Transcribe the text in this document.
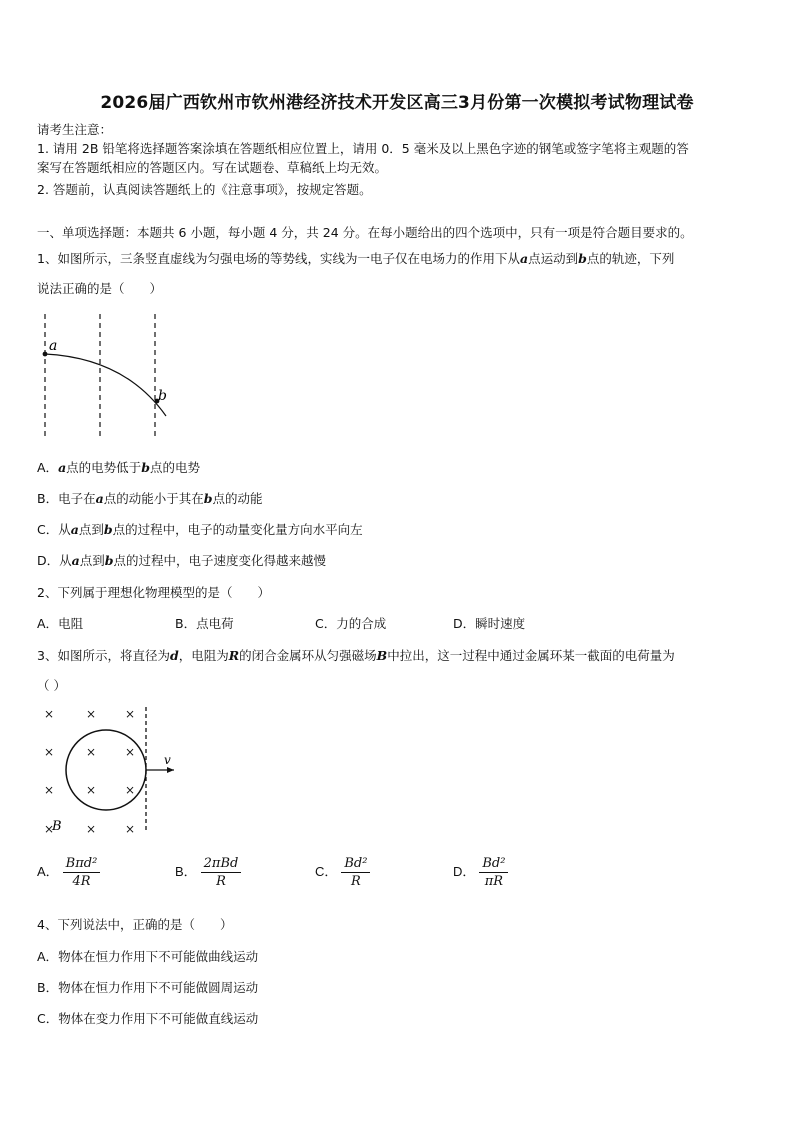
2026届广西钦州市钦州港经济技术开发区高三3月份第一次模拟考试物理试卷
请考生注意：
1. 请用 2B 铅笔将选择题答案涂填在答题纸相应位置上，请用 0．5 毫米及以上黑色字迹的钢笔或签字笔将主观题的答
案写在答题纸相应的答题区内。写在试题卷、草稿纸上均无效。
2. 答题前，认真阅读答题纸上的《注意事项》，按规定答题。
一、单项选择题：本题共 6 小题，每小题 4 分，共 24 分。在每小题给出的四个选项中，只有一项是符合题目要求的。
1、如图所示，三条竖直虚线为匀强电场的等势线，实线为一电子仅在电场力的作用下从a点运动到b点的轨迹，下列
说法正确的是（　　）
a
b
A．a点的电势低于b点的电势
B．电子在a点的动能小于其在b点的动能
C．从a点到b点的过程中，电子的动量变化量方向水平向左
D．从a点到b点的过程中，电子速度变化得越来越慢
2、下列属于理想化物理模型的是（　　）
A．电阻	B．点电荷	C．力的合成	D．瞬时速度
3、如图所示，将直径为d，电阻为R的闭合金属环从匀强磁场B中拉出，这一过程中通过金属环某一截面的电荷量为
（ ）
×	× ×
×	× ×
×	× ×
×	× ×
B
v
A． $\frac{\text{Bπd²}}{4R}$	B． $\frac{\text{2πBd}}{R}$	C． $\frac{\text{Bd²}}{R}$	D． $\frac{\text{Bd²}}{\pi R}$
4、下列说法中，正确的是（　　）
A．物体在恒力作用下不可能做曲线运动
B．物体在恒力作用下不可能做圆周运动
C．物体在变力作用下不可能做直线运动
